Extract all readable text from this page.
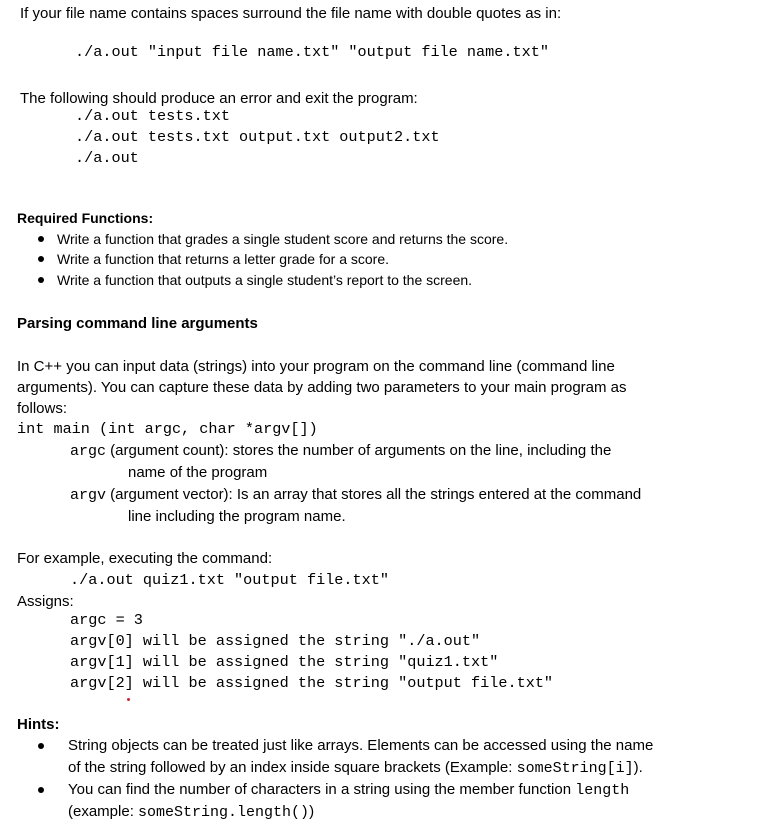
If your file name contains spaces surround the file name with double quotes as in:
./a.out "input file name.txt" "output file name.txt"
The following should produce an error and exit the program:
./a.out tests.txt
./a.out tests.txt output.txt output2.txt
./a.out
Required Functions:
Write a function that grades a single student score and returns the score.
Write a function that returns a letter grade for a score.
Write a function that outputs a single student’s report to the screen.
Parsing command line arguments
In C++ you can input data (strings) into your program on the command line (command line
arguments). You can capture these data by adding two parameters to your main program as
follows:
int main (int argc, char *argv[])
argc (argument count): stores the number of arguments on the line, including the
name of the program
argv (argument vector): Is an array that stores all the strings entered at the command
line including the program name.
For example, executing the command:
./a.out quiz1.txt "output file.txt"
Assigns:
argc = 3
argv[0] will be assigned the string "./a.out"
argv[1] will be assigned the string "quiz1.txt"
argv[2] will be assigned the string "output file.txt"
Hints:
String objects can be treated just like arrays. Elements can be accessed using the name
of the string followed by an index inside square brackets (Example: someString[i]).
You can find the number of characters in a string using the member function length
(example: someString.length())
